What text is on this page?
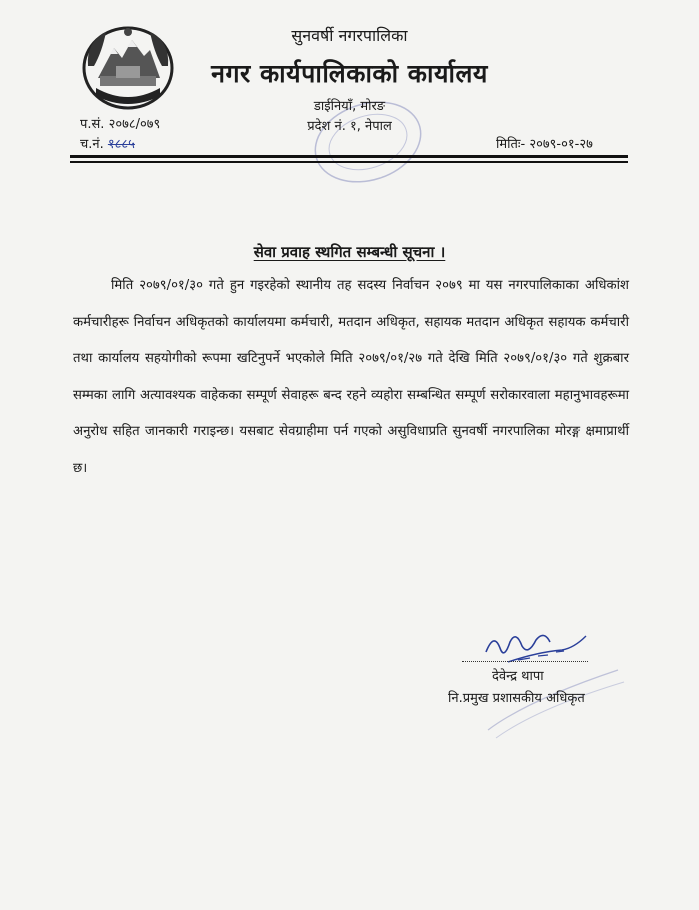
सुनवर्षी नगरपालिका
नगर कार्यपालिकाको कार्यालय
डाईनियाँ, मोरङ
प्रदेश नं. १, नेपाल
प.सं. २०७८/०७९
च.नं. १८८५	मितिः- २०७९-०१-२७
सेवा प्रवाह स्थगित सम्बन्धी सूचना ।
मिति २०७९/०१/३० गते हुन गइरहेको स्थानीय तह सदस्य निर्वाचन २०७९ मा यस नगरपालिकाका अधिकांश कर्मचारीहरू निर्वाचन अधिकृतको कार्यालयमा कर्मचारी, मतदान अधिकृत, सहायक मतदान अधिकृत सहायक कर्मचारी तथा कार्यालय सहयोगीको रूपमा खटिनुपर्ने भएकोले मिति २०७९/०१/२७ गते देखि मिति २०७९/०१/३० गते शुक्रबार सम्मका लागि अत्यावश्यक वाहेकका सम्पूर्ण सेवाहरू बन्द रहने व्यहोरा सम्बन्धित सम्पूर्ण सरोकारवाला महानुभावहरूमा अनुरोध सहित जानकारी गराइन्छ। यसबाट सेवग्राहीमा पर्न गएको असुविधाप्रति सुनवर्षी नगरपालिका मोरङ्ग क्षमाप्रार्थी छ।
देवेन्द्र थापा
नि.प्रमुख प्रशासकीय अधिकृत
